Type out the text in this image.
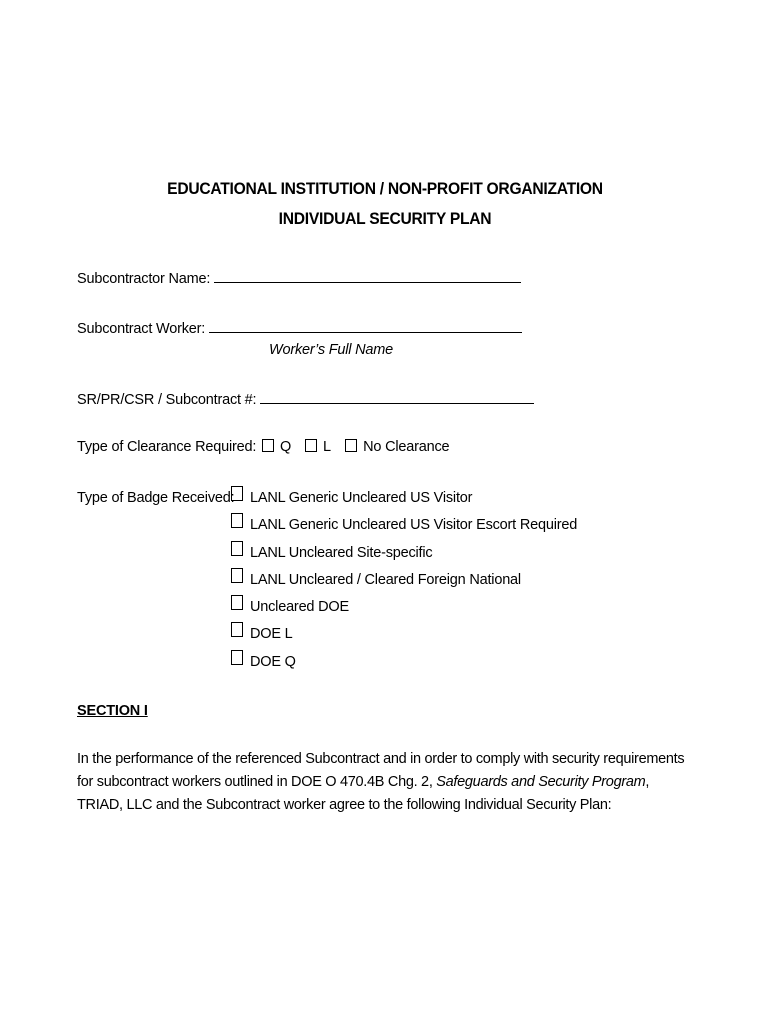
EDUCATIONAL INSTITUTION / NON-PROFIT ORGANIZATION
INDIVIDUAL SECURITY PLAN
Subcontractor Name:
Subcontract Worker:
Worker’s Full Name
SR/PR/CSR / Subcontract #:
Type of Clearance Required: Q L No Clearance
Type of Badge Received:	LANL Generic Uncleared US Visitor
LANL Generic Uncleared US Visitor Escort Required
LANL Uncleared Site-specific
LANL Uncleared / Cleared Foreign National
Uncleared DOE
DOE L
DOE Q
SECTION I
In the performance of the referenced Subcontract and in order to comply with security requirements for subcontract workers outlined in DOE O 470.4B Chg. 2, Safeguards and Security Program, TRIAD, LLC and the Subcontract worker agree to the following Individual Security Plan:
